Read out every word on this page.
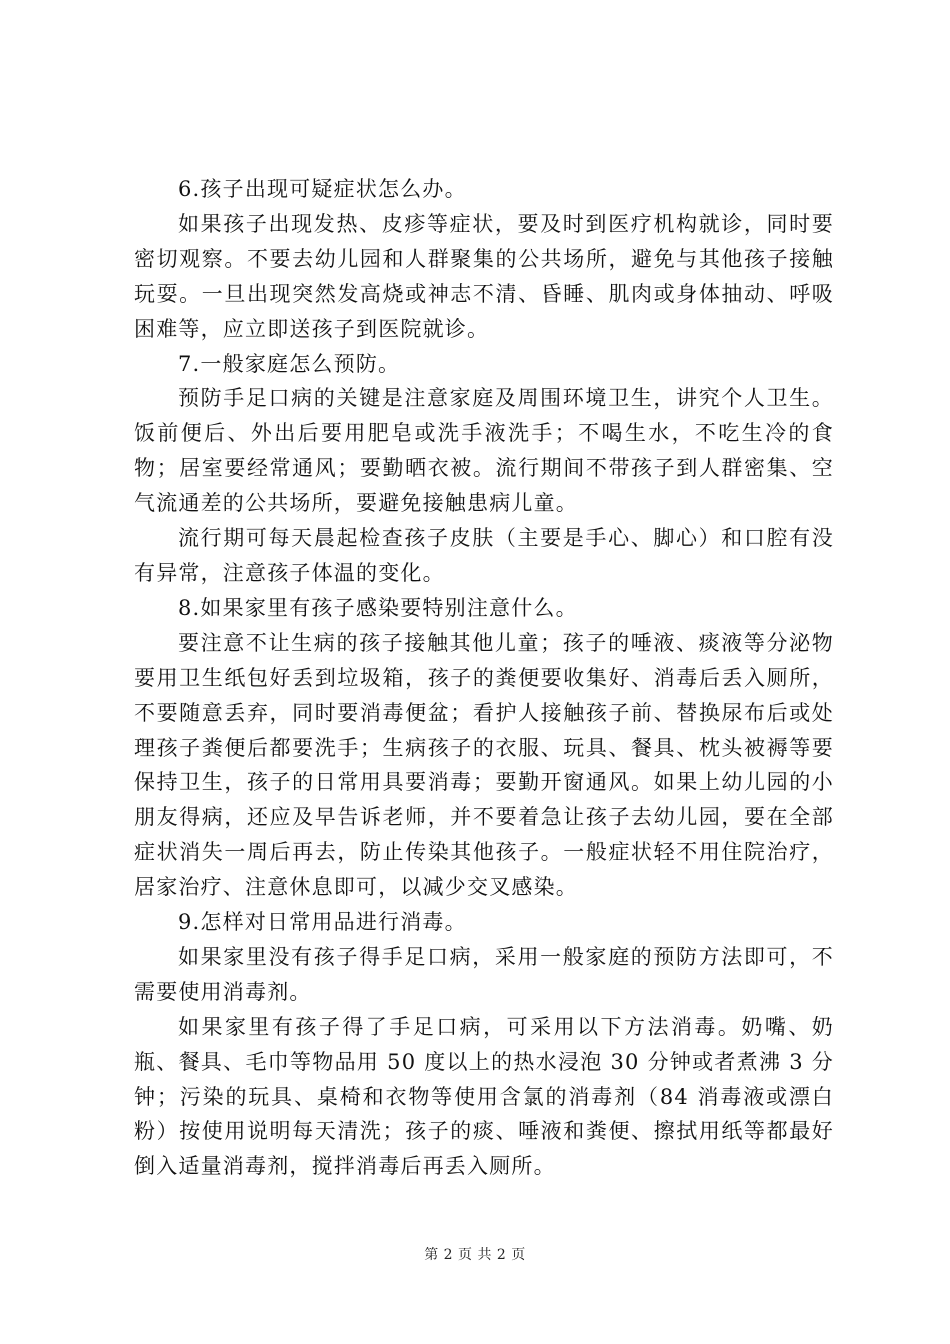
6.孩子出现可疑症状怎么办。

如果孩子出现发热、皮疹等症状，要及时到医疗机构就诊，同时要密切观察。不要去幼儿园和人群聚集的公共场所，避免与其他孩子接触玩耍。一旦出现突然发高烧或神志不清、昏睡、肌肉或身体抽动、呼吸困难等，应立即送孩子到医院就诊。

7.一般家庭怎么预防。

预防手足口病的关键是注意家庭及周围环境卫生，讲究个人卫生。饭前便后、外出后要用肥皂或洗手液洗手；不喝生水，不吃生冷的食物；居室要经常通风；要勤晒衣被。流行期间不带孩子到人群密集、空气流通差的公共场所，要避免接触患病儿童。

流行期可每天晨起检查孩子皮肤（主要是手心、脚心）和口腔有没有异常，注意孩子体温的变化。

8.如果家里有孩子感染要特别注意什么。

要注意不让生病的孩子接触其他儿童；孩子的唾液、痰液等分泌物要用卫生纸包好丢到垃圾箱，孩子的粪便要收集好、消毒后丢入厕所，不要随意丢弃，同时要消毒便盆；看护人接触孩子前、替换尿布后或处理孩子粪便后都要洗手；生病孩子的衣服、玩具、餐具、枕头被褥等要保持卫生，孩子的日常用具要消毒；要勤开窗通风。如果上幼儿园的小朋友得病，还应及早告诉老师，并不要着急让孩子去幼儿园，要在全部症状消失一周后再去，防止传染其他孩子。一般症状轻不用住院治疗，居家治疗、注意休息即可，以减少交叉感染。

9.怎样对日常用品进行消毒。

如果家里没有孩子得手足口病，采用一般家庭的预防方法即可，不需要使用消毒剂。

如果家里有孩子得了手足口病，可采用以下方法消毒。奶嘴、奶瓶、餐具、毛巾等物品用 50 度以上的热水浸泡 30 分钟或者煮沸 3 分钟；污染的玩具、桌椅和衣物等使用含氯的消毒剂（84 消毒液或漂白粉）按使用说明每天清洗；孩子的痰、唾液和粪便、擦拭用纸等都最好倒入适量消毒剂，搅拌消毒后再丢入厕所。

第 2 页 共 2 页
